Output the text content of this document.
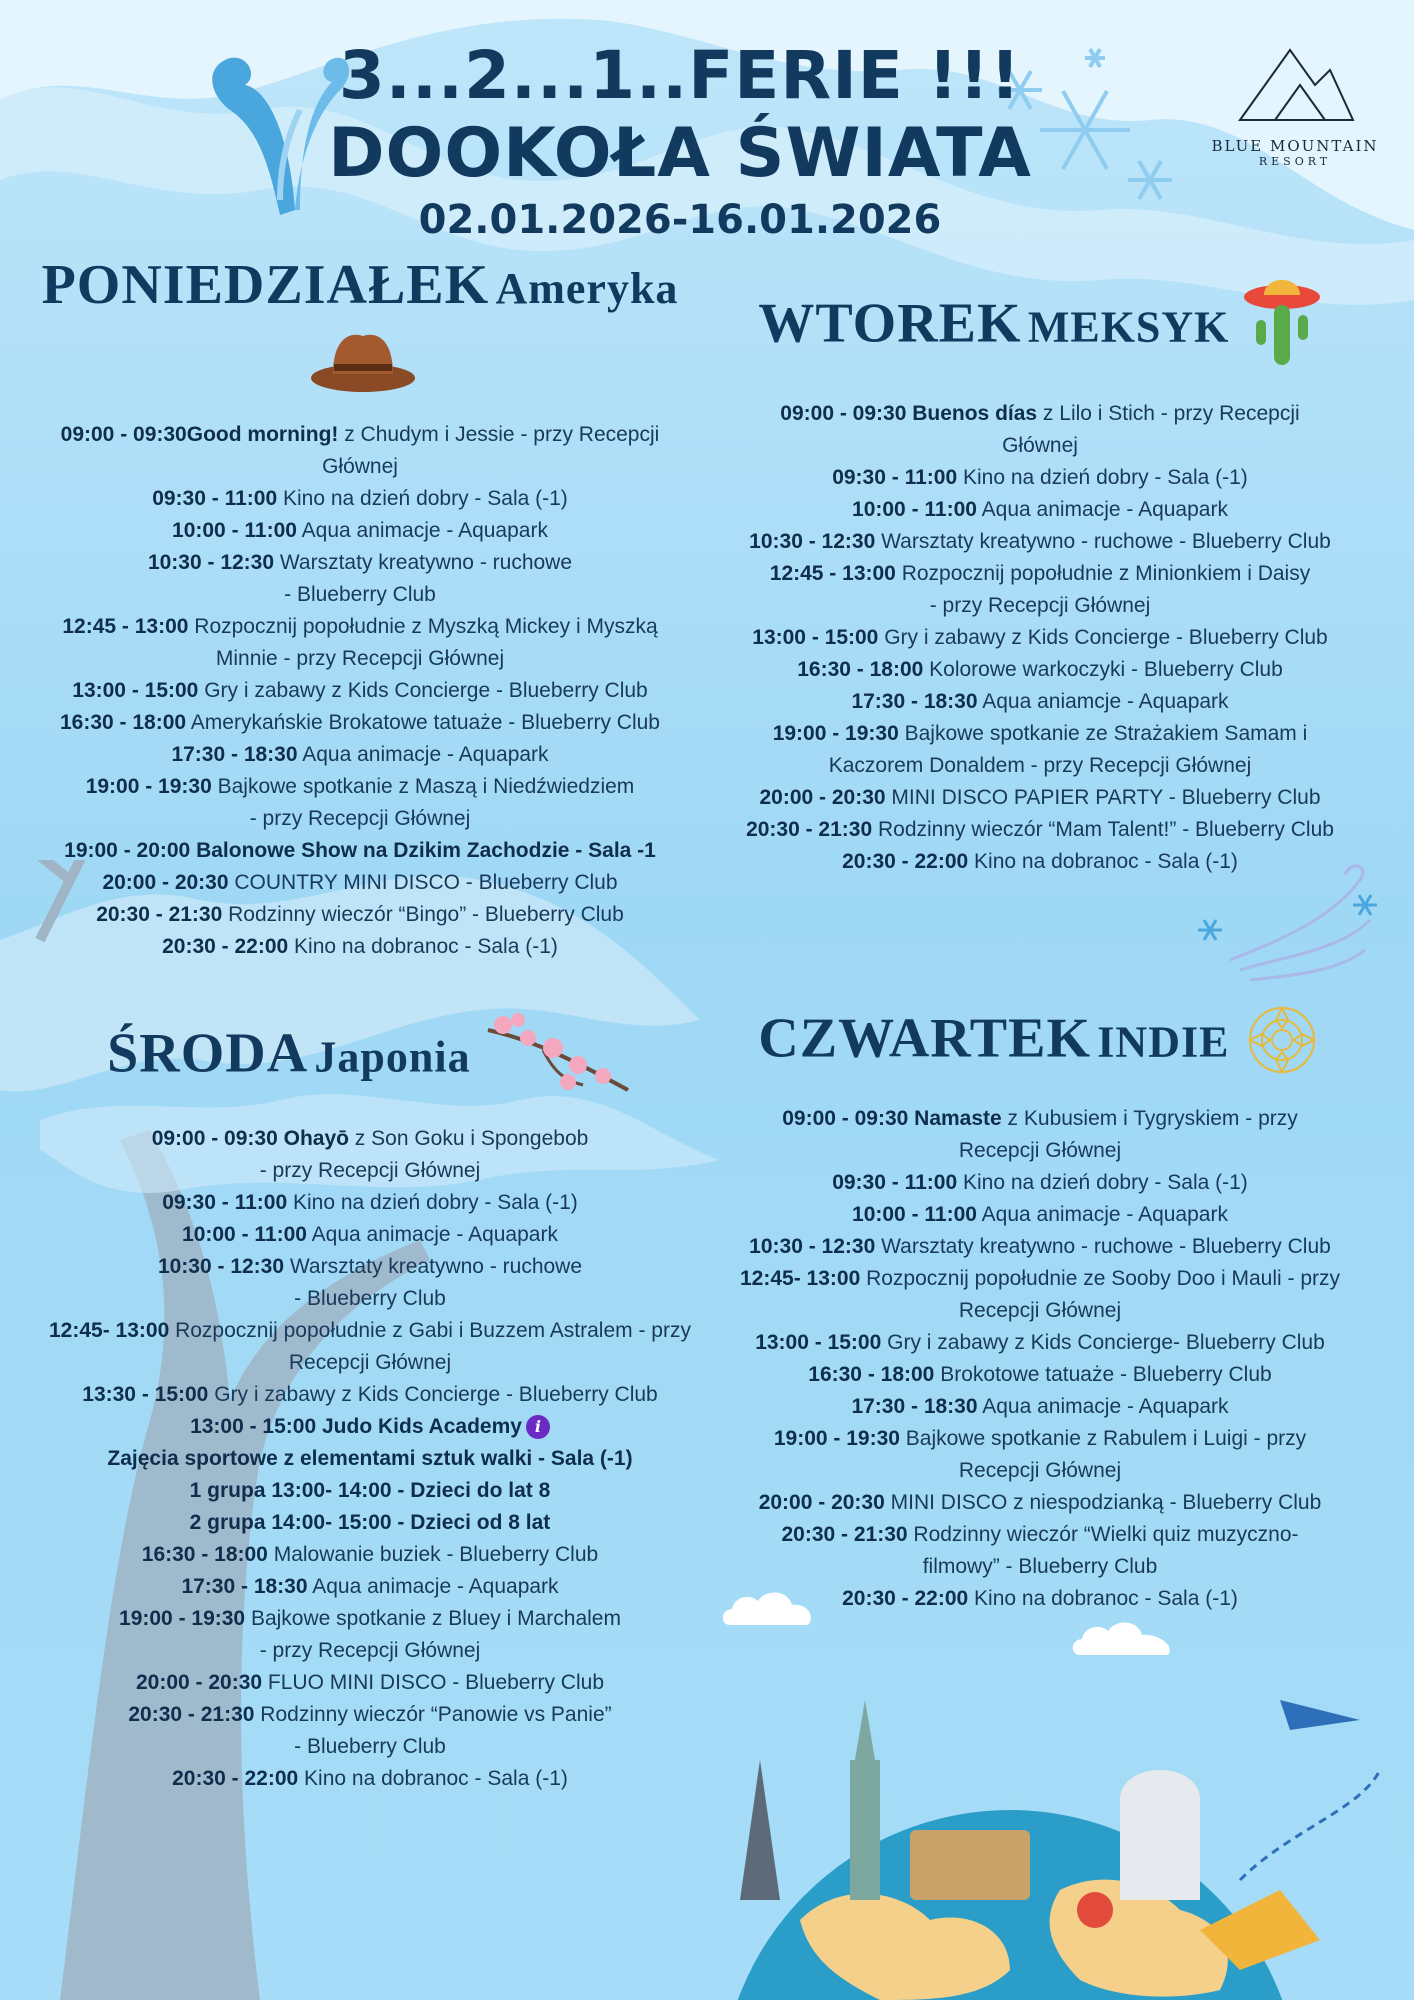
3...2...1..FERIE !!!
DOOKOŁA ŚWIATA
02.01.2026-16.01.2026
BLUE MOUNTAIN
RESORT
PONIEDZIAŁEK Ameryka
09:00 - 09:30Good morning! z Chudym i Jessie - przy Recepcji
Głównej
09:30 - 11:00 Kino na dzień dobry - Sala (-1)
10:00 - 11:00 Aqua animacje - Aquapark
10:30 - 12:30 Warsztaty kreatywno - ruchowe
- Blueberry Club
12:45 - 13:00 Rozpocznij popołudnie z Myszką Mickey i Myszką
Minnie - przy Recepcji Głównej
13:00 - 15:00 Gry i zabawy z Kids Concierge - Blueberry Club
16:30 - 18:00 Amerykańskie Brokatowe tatuaże - Blueberry Club
17:30 - 18:30 Aqua animacje - Aquapark
19:00 - 19:30 Bajkowe spotkanie z Maszą i Niedźwiedziem
- przy Recepcji Głównej
19:00 - 20:00 Balonowe Show na Dzikim Zachodzie - Sala -1
20:00 - 20:30 COUNTRY MINI DISCO - Blueberry Club
20:30 - 21:30 Rodzinny wieczór “Bingo” - Blueberry Club
20:30 - 22:00 Kino na dobranoc - Sala (-1)
WTOREK MEKSYK
09:00 - 09:30 Buenos días z Lilo i Stich - przy Recepcji
Głównej
09:30 - 11:00 Kino na dzień dobry - Sala (-1)
10:00 - 11:00 Aqua animacje - Aquapark
10:30 - 12:30 Warsztaty kreatywno - ruchowe - Blueberry Club
12:45 - 13:00 Rozpocznij popołudnie z Minionkiem i Daisy
- przy Recepcji Głównej
13:00 - 15:00 Gry i zabawy z Kids Concierge - Blueberry Club
16:30 - 18:00 Kolorowe warkoczyki - Blueberry Club
17:30 - 18:30 Aqua aniamcje - Aquapark
19:00 - 19:30 Bajkowe spotkanie ze Strażakiem Samam i
Kaczorem Donaldem - przy Recepcji Głównej
20:00 - 20:30 MINI DISCO PAPIER PARTY - Blueberry Club
20:30 - 21:30 Rodzinny wieczór “Mam Talent!” - Blueberry Club
20:30 - 22:00 Kino na dobranoc - Sala (-1)
ŚRODA Japonia
09:00 - 09:30 Ohayō z Son Goku i Spongebob
- przy Recepcji Głównej
09:30 - 11:00 Kino na dzień dobry - Sala (-1)
10:00 - 11:00 Aqua animacje - Aquapark
10:30 - 12:30 Warsztaty kreatywno - ruchowe
- Blueberry Club
12:45- 13:00 Rozpocznij popołudnie z Gabi i Buzzem Astralem - przy
Recepcji Głównej
13:30 - 15:00 Gry i zabawy z Kids Concierge - Blueberry Club
13:00 - 15:00 Judo Kids Academy i
Zajęcia sportowe z elementami sztuk walki - Sala (-1)
1 grupa 13:00- 14:00 - Dzieci do lat 8
2 grupa 14:00- 15:00 - Dzieci od 8 lat
16:30 - 18:00 Malowanie buziek - Blueberry Club
17:30 - 18:30 Aqua animacje - Aquapark
19:00 - 19:30 Bajkowe spotkanie z Bluey i Marchalem
- przy Recepcji Głównej
20:00 - 20:30 FLUO MINI DISCO - Blueberry Club
20:30 - 21:30 Rodzinny wieczór “Panowie vs Panie”
- Blueberry Club
20:30 - 22:00 Kino na dobranoc - Sala (-1)
CZWARTEK INDIE
09:00 - 09:30 Namaste z Kubusiem i Tygryskiem - przy
Recepcji Głównej
09:30 - 11:00 Kino na dzień dobry - Sala (-1)
10:00 - 11:00 Aqua animacje - Aquapark
10:30 - 12:30 Warsztaty kreatywno - ruchowe - Blueberry Club
12:45- 13:00 Rozpocznij popołudnie ze Sooby Doo i Mauli - przy
Recepcji Głównej
13:00 - 15:00 Gry i zabawy z Kids Concierge- Blueberry Club
16:30 - 18:00 Brokotowe tatuaże - Blueberry Club
17:30 - 18:30 Aqua animacje - Aquapark
19:00 - 19:30 Bajkowe spotkanie z Rabulem i Luigi - przy
Recepcji Głównej
20:00 - 20:30 MINI DISCO z niespodzianką - Blueberry Club
20:30 - 21:30 Rodzinny wieczór “Wielki quiz muzyczno-
filmowy” - Blueberry Club
20:30 - 22:00 Kino na dobranoc - Sala (-1)
